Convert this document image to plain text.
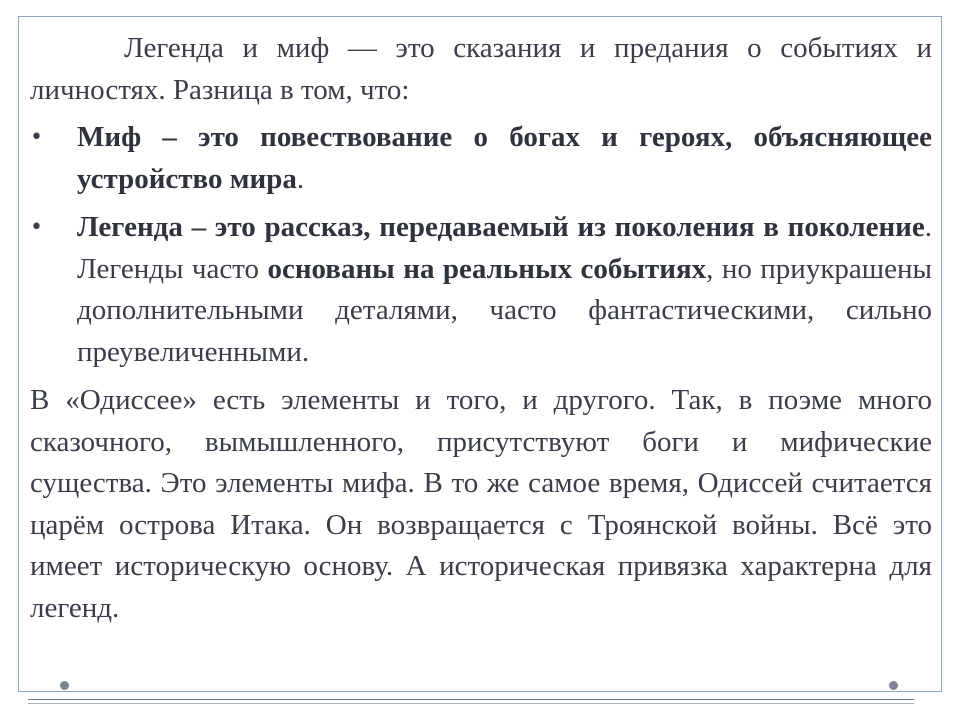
Легенда и миф — это сказания и предания о событиях и личностях. Разница в том, что:

• Миф – это повествование о богах и героях, объясняющее устройство мира.
• Легенда – это рассказ, передаваемый из поколения в поколение. Легенды часто основаны на реальных событиях, но приукрашены дополнительными деталями, часто фантастическими, сильно преувеличенными.

В «Одиссее» есть элементы и того, и другого. Так, в поэме много сказочного, вымышленного, присутствуют боги и мифические существа. Это элементы мифа. В то же самое время, Одиссей считается царём острова Итака. Он возвращается с Троянской войны. Всё это имеет историческую основу. А историческая привязка характерна для легенд.
